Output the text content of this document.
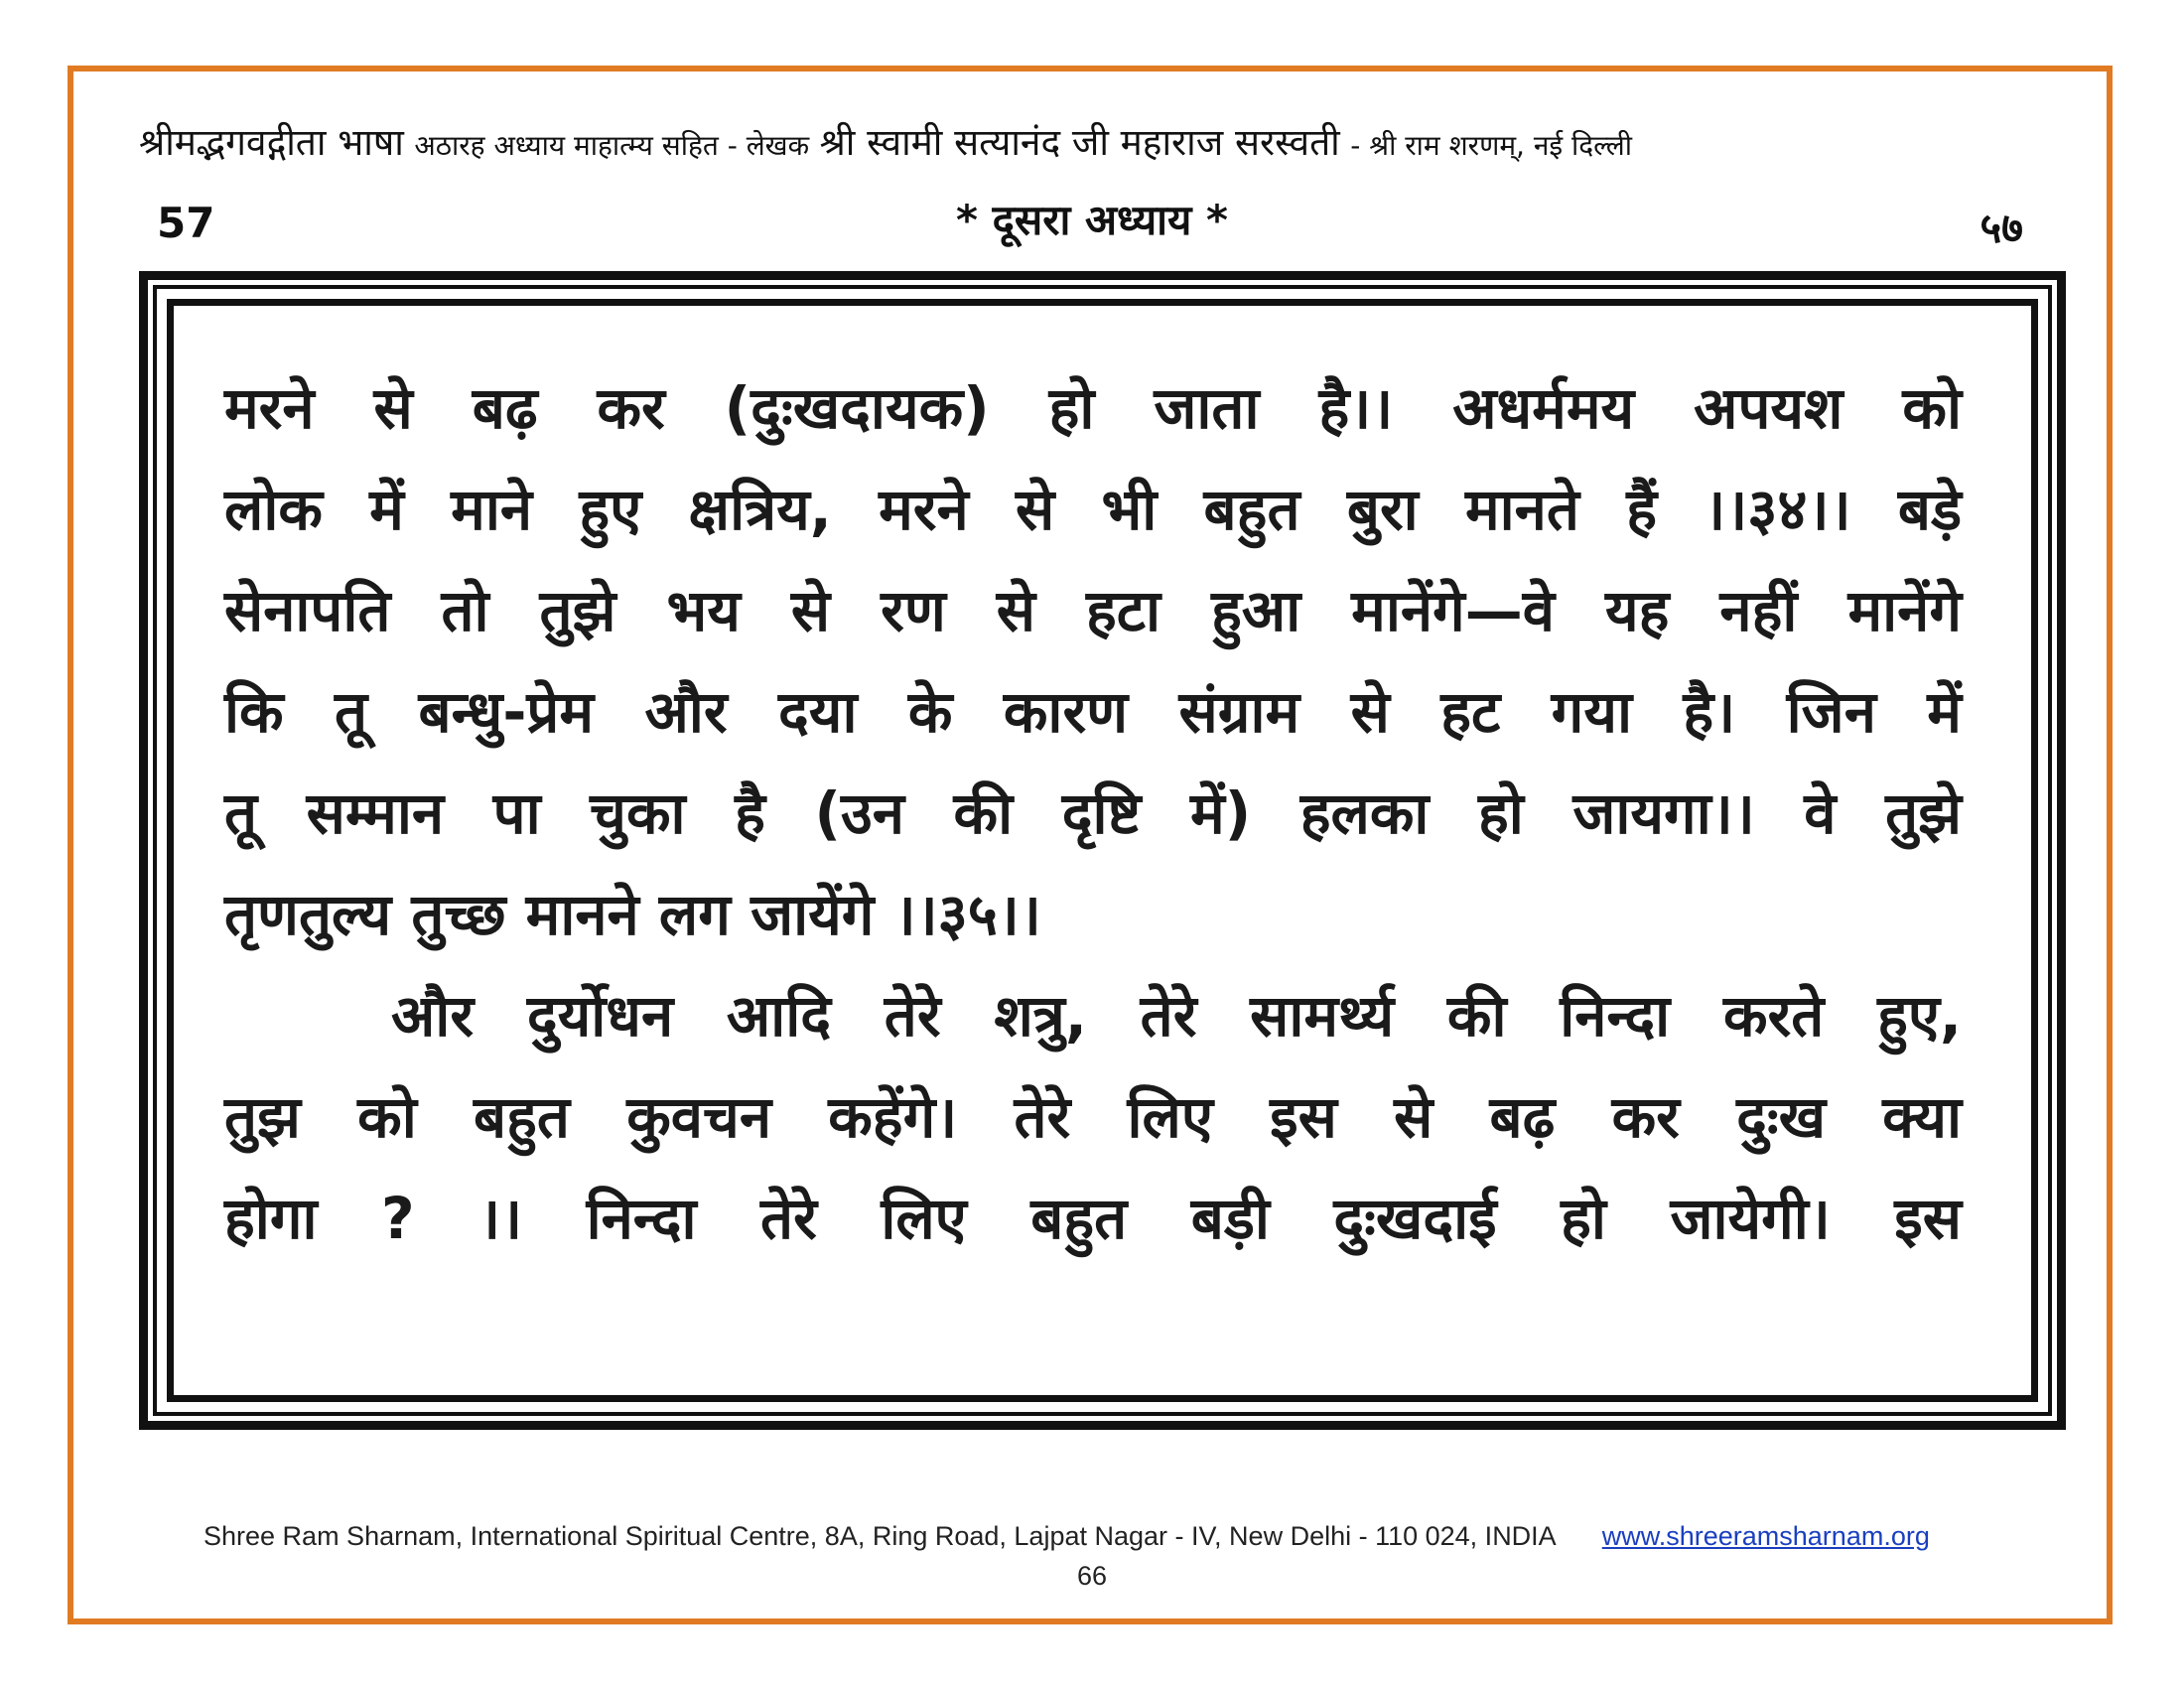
श्रीमद्भगवद्गीता भाषा अठारह अध्याय माहात्म्य सहित - लेखक श्री स्वामी सत्यानंद जी महाराज सरस्वती - श्री राम शरणम्, नई दिल्ली
57	* दूसरा अध्याय *	५७
मरने से बढ़ कर (दुःखदायक) हो जाता है।। अधर्ममय अपयश को
लोक में माने हुए क्षत्रिय, मरने से भी बहुत बुरा मानते हैं ।।३४।। बड़े
सेनापति तो तुझे भय से रण से हटा हुआ मानेंगे—वे यह नहीं मानेंगे
कि तू बन्धु-प्रेम और दया के कारण संग्राम से हट गया है। जिन में
तू सम्मान पा चुका है (उन की दृष्टि में) हलका हो जायगा।। वे तुझे
तृणतुल्य तुच्छ मानने लग जायेंगे ।।३५।।
और दुर्योधन आदि तेरे शत्रु, तेरे सामर्थ्य की निन्दा करते हुए,
तुझ को बहुत कुवचन कहेंगे। तेरे लिए इस से बढ़ कर दुःख क्या
होगा ? ।। निन्दा तेरे लिए बहुत बड़ी दुःखदाई हो जायेगी। इस
Shree Ram Sharnam, International Spiritual Centre, 8A, Ring Road, Lajpat Nagar - IV, New Delhi - 110 024, INDIA www.shreeramsharnam.org
66
